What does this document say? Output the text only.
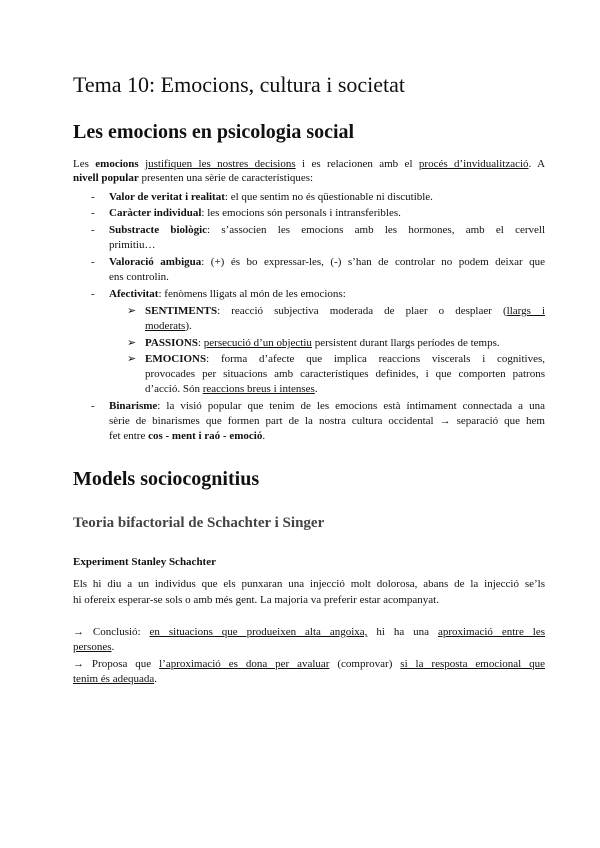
Tema 10: Emocions, cultura i societat
Les emocions en psicologia social

Les emocions justifiquen les nostres decisions i es relacionen amb el procés d’invidualització. A

nivell popular presenten una sèrie de característiques:

- Valor de veritat i realitat: el que sentim no és qüestionable ni discutible.

- Caràcter individual: les emocions són personals i intransferibles.

- Substracte biològic: s’associen les emocions amb les hormones, amb el cervell

primitiu…

- Valoració ambigua: (+) és bo expressar-les, (-) s’han de controlar no podem deixar que

ens controlin.

- Afectivitat: fenòmens lligats al món de les emocions:

➢ SENTIMENTS: reacció subjectiva moderada de plaer o desplaer (llargs i

moderats).

➢ PASSIONS: persecució d’un objectiu persistent durant llargs períodes de temps.

➢ EMOCIONS: forma d’afecte que implica reaccions viscerals i cognitives,

provocades per situacions amb característiques definides, i que comporten patrons

d’acció. Són reaccions breus i intenses.

- Binarisme: la visió popular que tenim de les emocions està íntimament connectada a una

sèrie de binarismes que formen part de la nostra cultura occidental → separació que hem

fet entre cos - ment i raó - emoció.

Models sociocognitius
Teoria bifactorial de Schachter i Singer
Experiment Stanley Schachter

Els hi diu a un individus que els punxaran una injecció molt dolorosa, abans de la injecció se’ls

hi ofereix esperar-se sols o amb més gent. La majoria va preferir estar acompanyat.

→ Conclusió: en situacions que produeixen alta angoixa, hi ha una aproximació entre les

persones.

→ Proposa que l’aproximació es dona per avaluar (comprovar) si la resposta emocional que

tenim és adequada.
